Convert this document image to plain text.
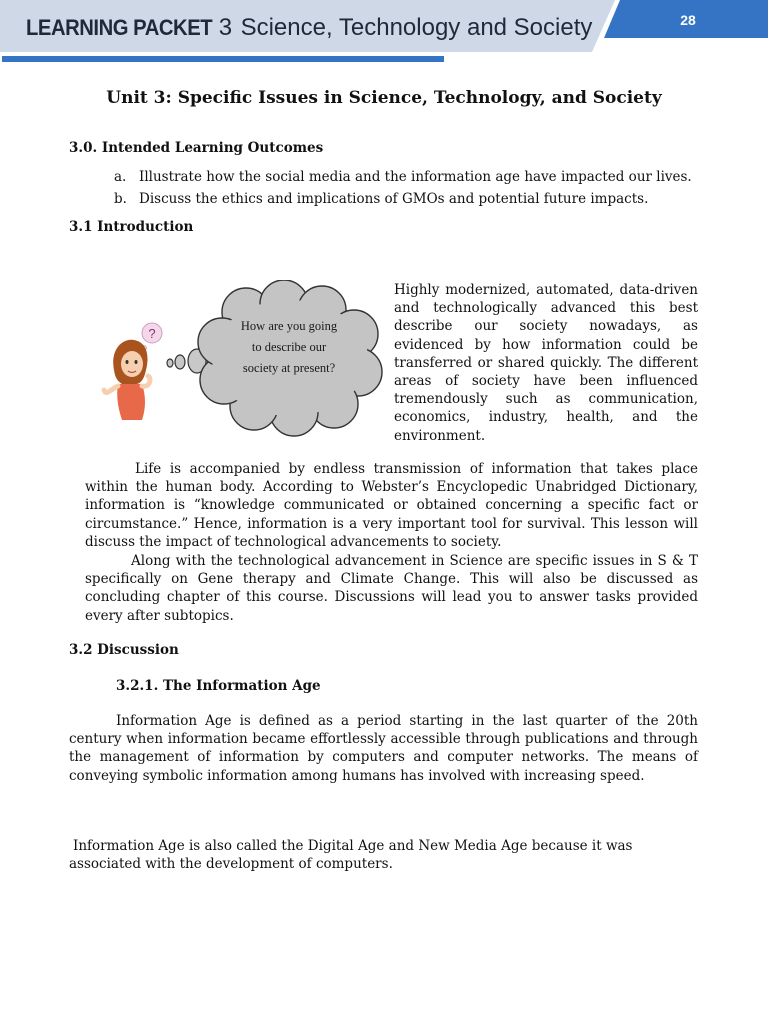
LEARNING PACKET 3 Science, Technology and Society	28
Unit 3: Specific Issues in Science, Technology, and Society
3.0. Intended Learning Outcomes
a. Illustrate how the social media and the information age have impacted our lives.
b. Discuss the ethics and implications of GMOs and potential future impacts.
3.1 Introduction
?	How are you going
to describe our
society at present?

Highly modernized, automated, data-driven and technologically advanced this best describe our society nowadays, as evidenced by how information could be transferred or shared quickly. The different areas of society have been influenced tremendously such as communication, economics, industry, health, and the environment.

Life is accompanied by endless transmission of information that takes place within the human body. According to Webster’s Encyclopedic Unabridged Dictionary, information is “knowledge communicated or obtained concerning a specific fact or circumstance.” Hence, information is a very important tool for survival. This lesson will discuss the impact of technological advancements to society.

Along with the technological advancement in Science are specific issues in S & T specifically on Gene therapy and Climate Change. This will also be discussed as concluding chapter of this course. Discussions will lead you to answer tasks provided every after subtopics.

3.2 Discussion
3.2.1. The Information Age

Information Age is defined as a period starting in the last quarter of the 20th century when information became effortlessly accessible through publications and through the management of information by computers and computer networks. The means of conveying symbolic information among humans has involved with increasing speed.

Information Age is also called the Digital Age and New Media Age because it was associated with the development of computers.
